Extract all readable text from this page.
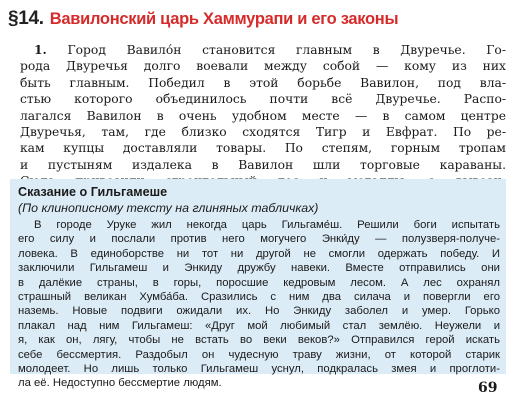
§14. Вавилонский царь Хаммурапи и его законы
1. Город Вавило́н становится главным в Двуречье. Го-
рода Двуречья долго воевали между собой — кому из них
быть главным. Победил в этой борьбе Вавилон, под вла-
стью которого объединилось почти всё Двуречье. Распо-
лагался Вавилон в очень удобном месте — в самом центре
Двуречья, там, где близко сходятся Тигр и Евфрат. По ре-
кам купцы доставляли товары. По степям, горным тропам
и пустыням издалека в Вавилон шли торговые караваны.
Сказание о Гильгамеше
(По клинописному тексту на глиняных табличках)
В городе Уруке жил некогда царь Гильгаме́ш. Решили боги испытать
его силу и послали против него могучего Энки́ду — полузверя-получе-
ловека. В единоборстве ни тот ни другой не смогли одержать победу. И
заключили Гильгамеш и Энкиду дружбу навеки. Вместе отправились они
в далёкие страны, в горы, поросшие кедровым лесом. А лес охранял
страшный великан Хумба́ба. Сразились с ним два силача и повергли его
наземь. Новые подвиги ожидали их. Но Энкиду заболел и умер. Горько
плакал над ним Гильгамеш: «Друг мой любимый стал землёю. Неужели и
я, как он, лягу, чтобы не встать во веки веков?» Отправился герой искать
себе бессмертия. Раздобыл он чудесную траву жизни, от которой старик
молодеет. Но лишь только Гильгамеш уснул, подкралась змея и проглоти-
ла её. Недоступно бессмертие людям.	69
